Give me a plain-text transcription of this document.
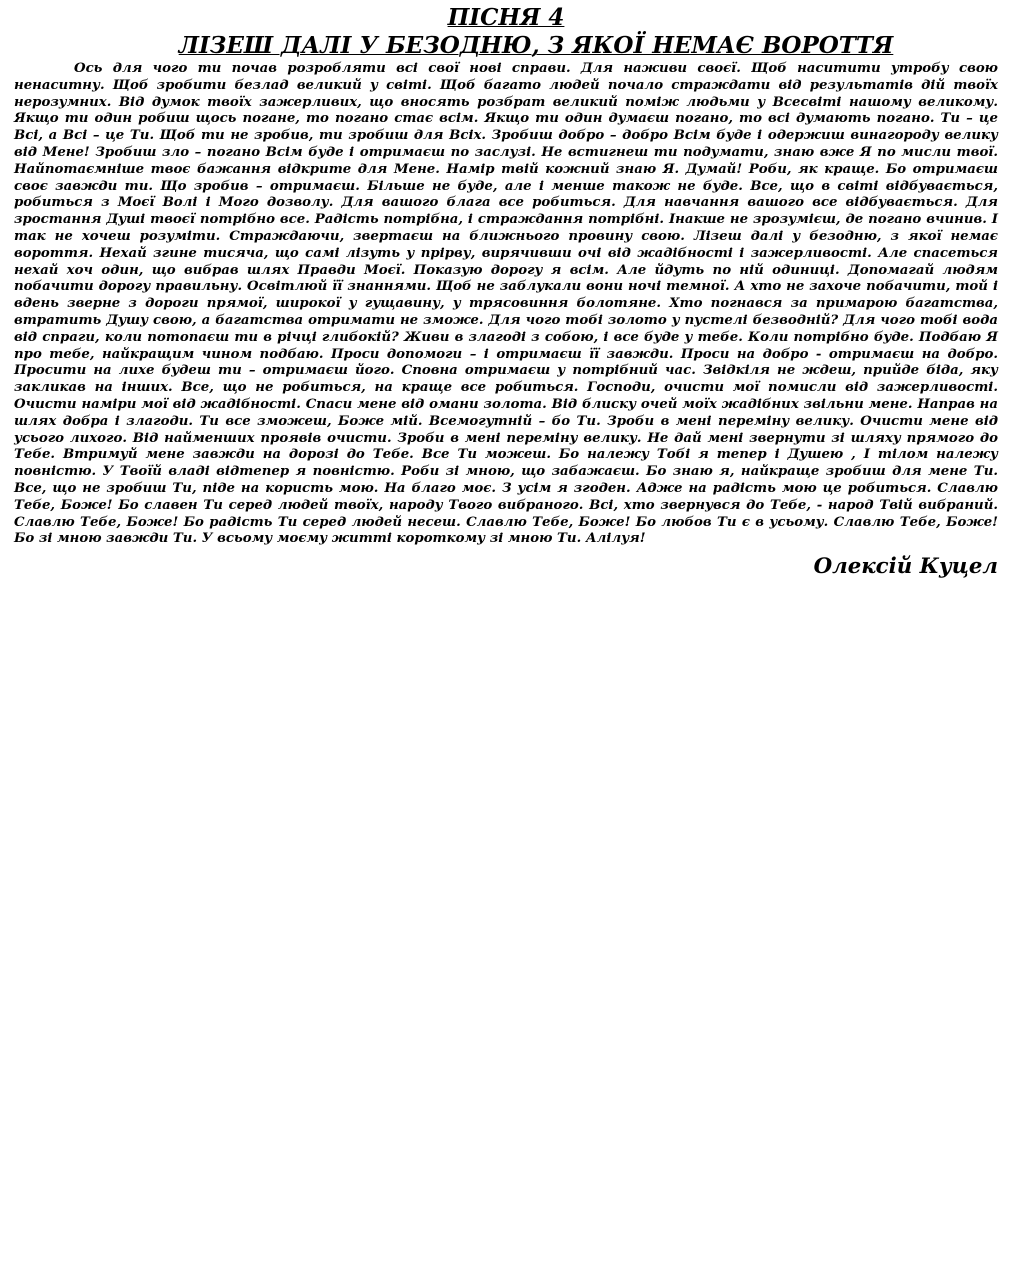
ПІСНЯ 4
ЛІЗЕШ ДАЛІ У БЕЗОДНЮ, З ЯКОЇ НЕМАЄ ВОРОТТЯ

Ось для чого ти почав розробляти всі свої нові справи. Для наживи своєї. Щоб наситити утробу свою ненаситну. Щоб зробити безлад великий у світі. Щоб багато людей почало страждати від результатів дій твоїх нерозумних. Від думок твоїх зажерливих, що вносять розбрат великий поміж людьми у Всесвіті нашому великому. Якщо ти один робиш щось погане, то погано стає всім. Якщо ти один думаєш погано, то всі думають погано. Ти – це Всі, а Всі – це Ти. Щоб ти не зробив, ти зробиш для Всіх. Зробиш добро – добро Всім буде і одержиш винагороду велику від Мене! Зробиш зло – погано Всім буде і отримаєш по заслузі. Не встигнеш ти подумати, знаю вже Я по мисли твої. Найпотаємніше твоє бажання відкрите для Мене. Намір твій кожний знаю Я. Думай! Роби, як краще. Бо отримаєш своє завжди ти. Що зробив – отримаєш. Більше не буде, але і менше також не буде. Все, що в світі відбувається, робиться з Моєї Волі і Мого дозволу. Для вашого блага все робиться. Для навчання вашого все відбувається. Для зростання Душі твоєї потрібно все. Радість потрібна, і страждання потрібні. Інакше не зрозумієш, де погано вчинив. І так не хочеш розуміти. Страждаючи, звертаєш на ближнього провину свою. Лізеш далі у безодню, з якої немає вороття. Нехай згине тисяча, що самі лізуть у прірву, вирячивши очі від жадібності і зажерливості. Але спасеться нехай хоч один, що вибрав шлях Правди Моєї. Показую дорогу я всім. Але йдуть по ній одиниці. Допомагай людям побачити дорогу правильну. Освітлюй її знаннями. Щоб не заблукали вони ночі темної. А хто не захоче побачити, той і вдень зверне з дороги прямої, широкої у гущавину, у трясовиння болотяне. Хто погнався за примарою багатства, втратить Душу свою, а багатства отримати не зможе. Для чого тобі золото у пустелі безводній? Для чого тобі вода від спраги, коли потопаєш ти в річці глибокій? Живи в злагоді з собою, і все буде у тебе. Коли потрібно буде. Подбаю Я про тебе, найкращим чином подбаю. Проси допомоги – і отримаєш її завжди. Проси на добро - отримаєш на добро. Просити на лихе будеш ти – отримаєш його. Сповна отримаєш у потрібний час. Звідкіля не ждеш, прийде біда, яку закликав на інших. Все, що не робиться, на краще все робиться. Господи, очисти мої помисли від зажерливості. Очисти наміри мої від жадібності. Спаси мене від омани золота. Від блиску очей моїх жадібних звільни мене. Направ на шлях добра і злагоди. Ти все зможеш, Боже мій. Всемогутній – бо Ти. Зроби в мені переміну велику. Очисти мене від усього лихого. Від найменших проявів очисти. Зроби в мені переміну велику. Не дай мені звернути зі шляху прямого до Тебе. Втримуй мене завжди на дорозі до Тебе. Все Ти можеш. Бо належу Тобі я тепер і Душею , І тілом належу повністю. У Твоїй владі відтепер я повністю. Роби зі мною, що забажаєш. Бо знаю я, найкраще зробиш для мене Ти. Все, що не зробиш Ти, піде на користь мою. На благо моє. З усім я згоден. Адже на радість мою це робиться. Славлю Тебе, Боже! Бо славен Ти серед людей твоїх, народу Твого вибраного. Всі, хто звернувся до Тебе, - народ Твій вибраний. Славлю Тебе, Боже! Бо радість Ти серед людей несеш. Славлю Тебе, Боже! Бо любов Ти є в усьому. Славлю Тебе, Боже! Бо зі мною завжди Ти. У всьому моєму житті короткому зі мною Ти. Алілуя!

Олексій Куцел
